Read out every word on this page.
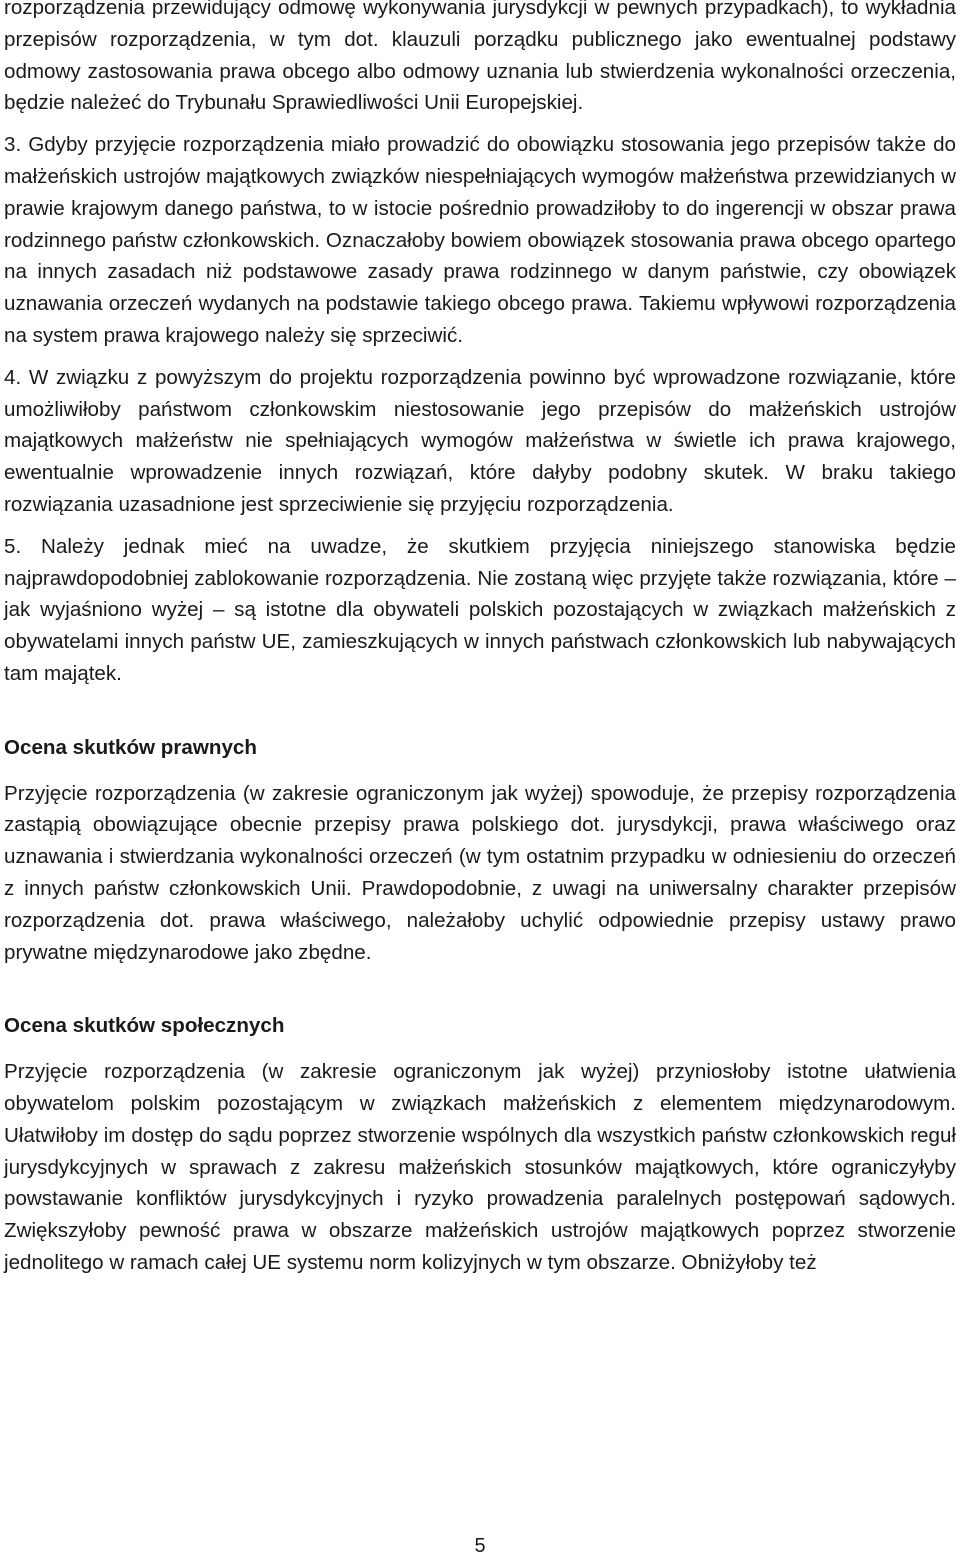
rozporządzenia przewidujący odmowę wykonywania jurysdykcji w pewnych przypadkach), to wykładnia przepisów rozporządzenia, w tym dot. klauzuli porządku publicznego jako ewentualnej podstawy odmowy zastosowania prawa obcego albo odmowy uznania lub stwierdzenia wykonalności orzeczenia, będzie należeć do Trybunału Sprawiedliwości Unii Europejskiej.

3. Gdyby przyjęcie rozporządzenia miało prowadzić do obowiązku stosowania jego przepisów także do małżeńskich ustrojów majątkowych związków niespełniających wymogów małżeństwa przewidzianych w prawie krajowym danego państwa, to w istocie pośrednio prowadziłoby to do ingerencji w obszar prawa rodzinnego państw członkowskich. Oznaczałoby bowiem obowiązek stosowania prawa obcego opartego na innych zasadach niż podstawowe zasady prawa rodzinnego w danym państwie, czy obowiązek uznawania orzeczeń wydanych na podstawie takiego obcego prawa. Takiemu wpływowi rozporządzenia na system prawa krajowego należy się sprzeciwić.

4. W związku z powyższym do projektu rozporządzenia powinno być wprowadzone rozwiązanie, które umożliwiłoby państwom członkowskim niestosowanie jego przepisów do małżeńskich ustrojów majątkowych małżeństw nie spełniających wymogów małżeństwa w świetle ich prawa krajowego, ewentualnie wprowadzenie innych rozwiązań, które dałyby podobny skutek. W braku takiego rozwiązania uzasadnione jest sprzeciwienie się przyjęciu rozporządzenia.

5. Należy jednak mieć na uwadze, że skutkiem przyjęcia niniejszego stanowiska będzie najprawdopodobniej zablokowanie rozporządzenia. Nie zostaną więc przyjęte także rozwiązania, które – jak wyjaśniono wyżej – są istotne dla obywateli polskich pozostających w związkach małżeńskich z obywatelami innych państw UE, zamieszkujących w innych państwach członkowskich lub nabywających tam majątek.

Ocena skutków prawnych

Przyjęcie rozporządzenia (w zakresie ograniczonym jak wyżej) spowoduje, że przepisy rozporządzenia zastąpią obowiązujące obecnie przepisy prawa polskiego dot. jurysdykcji, prawa właściwego oraz uznawania i stwierdzania wykonalności orzeczeń (w tym ostatnim przypadku w odniesieniu do orzeczeń z innych państw członkowskich Unii. Prawdopodobnie, z uwagi na uniwersalny charakter przepisów rozporządzenia dot. prawa właściwego, należałoby uchylić odpowiednie przepisy ustawy prawo prywatne międzynarodowe jako zbędne.

Ocena skutków społecznych

Przyjęcie rozporządzenia (w zakresie ograniczonym jak wyżej) przyniosłoby istotne ułatwienia obywatelom polskim pozostającym w związkach małżeńskich z elementem międzynarodowym. Ułatwiłoby im dostęp do sądu poprzez stworzenie wspólnych dla wszystkich państw członkowskich reguł jurysdykcyjnych w sprawach z zakresu małżeńskich stosunków majątkowych, które ograniczyłyby powstawanie konfliktów jurysdykcyjnych i ryzyko prowadzenia paralelnych postępowań sądowych. Zwiększyłoby pewność prawa w obszarze małżeńskich ustrojów majątkowych poprzez stworzenie jednolitego w ramach całej UE systemu norm kolizyjnych w tym obszarze. Obniżyłoby też

5
